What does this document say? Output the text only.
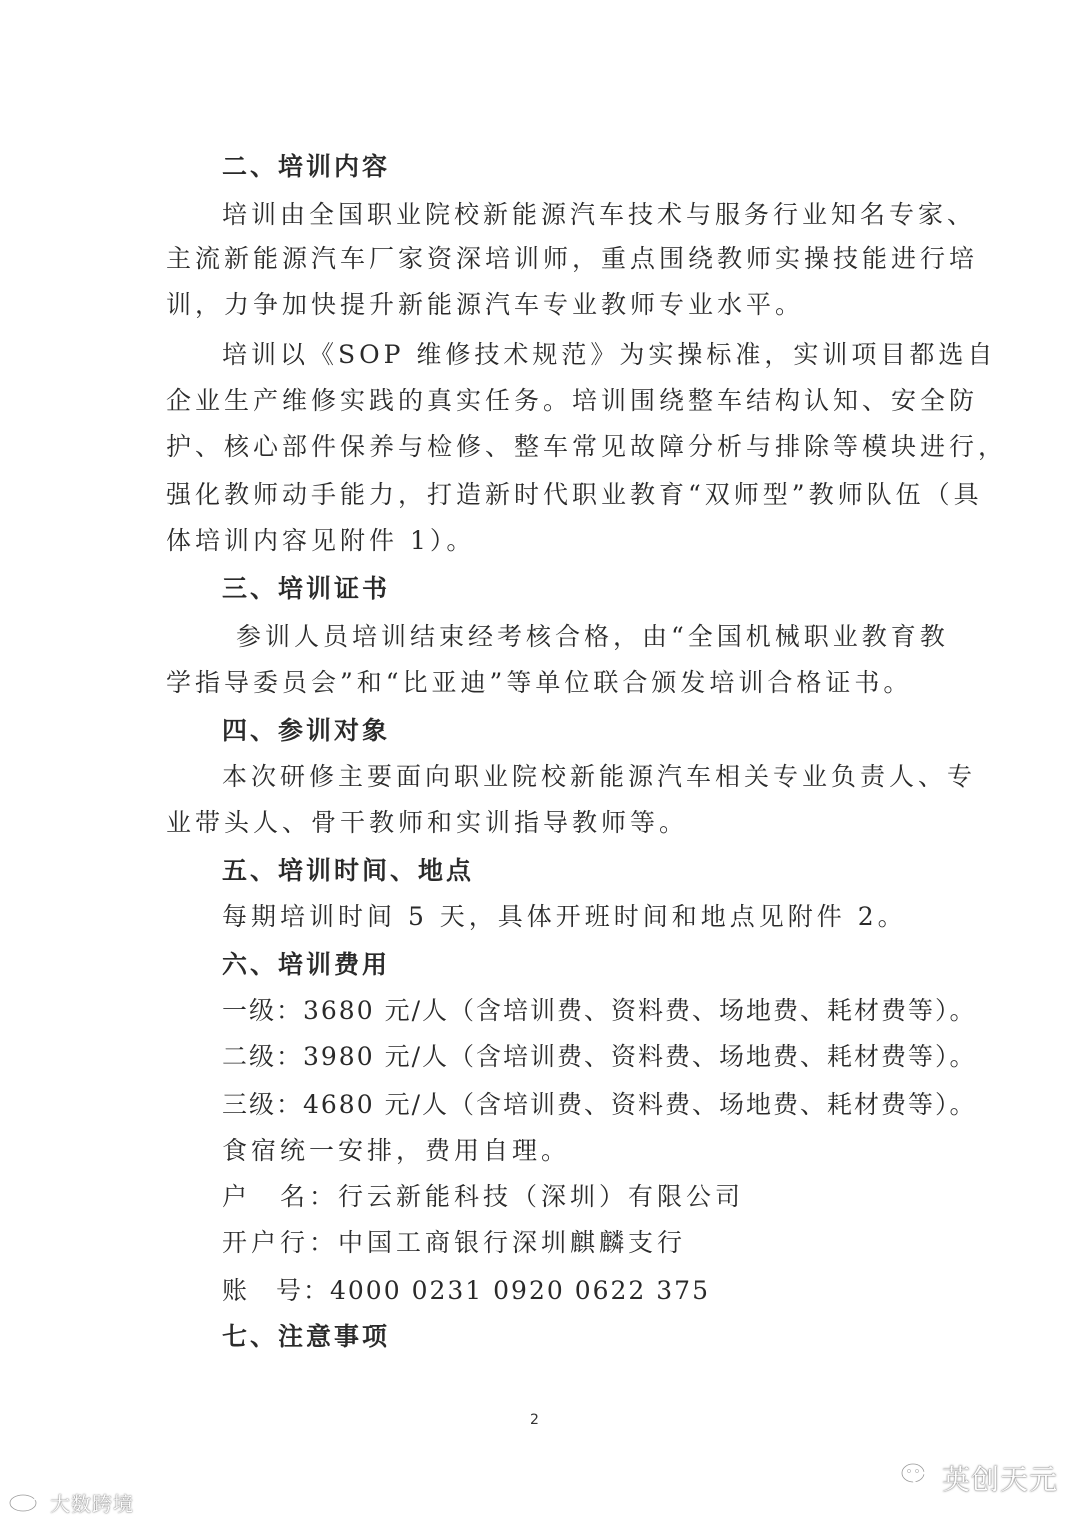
二、培训内容
培训由全国职业院校新能源汽车技术与服务行业知名专家、
主流新能源汽车厂家资深培训师，重点围绕教师实操技能进行培
训，力争加快提升新能源汽车专业教师专业水平。
培训以《SOP 维修技术规范》为实操标准，实训项目都选自
企业生产维修实践的真实任务。培训围绕整车结构认知、安全防
护、核心部件保养与检修、整车常见故障分析与排除等模块进行，
强化教师动手能力，打造新时代职业教育“双师型”教师队伍（具
体培训内容见附件 1）。
三、培训证书
参训人员培训结束经考核合格，由“全国机械职业教育教
学指导委员会”和“比亚迪”等单位联合颁发培训合格证书。
四、参训对象
本次研修主要面向职业院校新能源汽车相关专业负责人、专
业带头人、骨干教师和实训指导教师等。
五、培训时间、地点
每期培训时间 5 天，具体开班时间和地点见附件 2。
六、培训费用
一级：3680 元/人（含培训费、资料费、场地费、耗材费等）。
二级：3980 元/人（含培训费、资料费、场地费、耗材费等）。
三级：4680 元/人（含培训费、资料费、场地费、耗材费等）。
食宿统一安排，费用自理。
户　名：行云新能科技（深圳）有限公司
开户行：中国工商银行深圳麒麟支行
账　号：4000 0231 0920 0622 375
七、注意事项
2
大数跨境
英创天元
